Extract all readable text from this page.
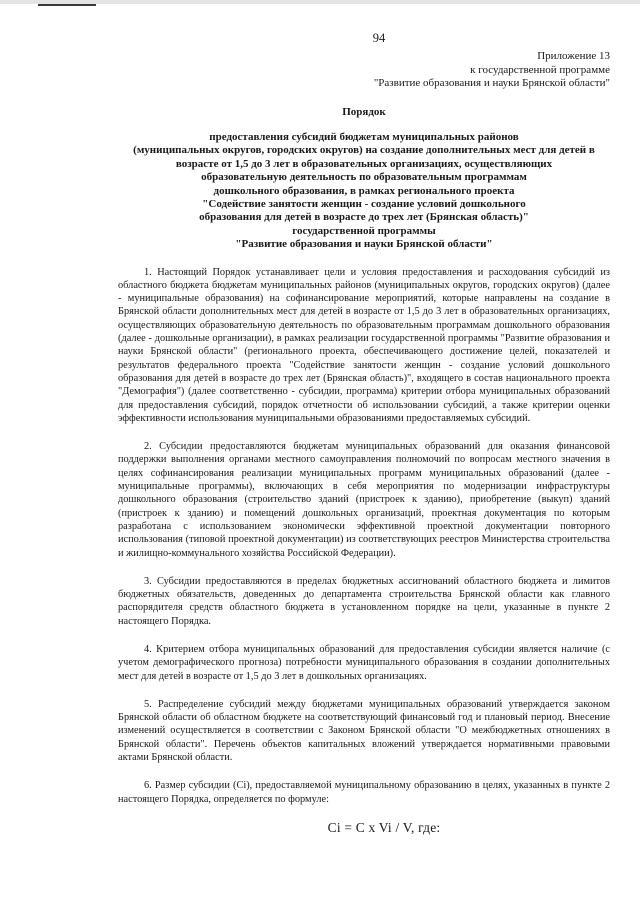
94
Приложение 13
к государственной программе
"Развитие образования и науки Брянской области"
Порядок
предоставления субсидий бюджетам муниципальных районов
(муниципальных округов, городских округов) на создание дополнительных мест для детей в
возрасте от 1,5 до 3 лет в образовательных организациях, осуществляющих
образовательную деятельность по образовательным программам
дошкольного образования, в рамках регионального проекта
"Содействие занятости женщин - создание условий дошкольного
образования для детей в возрасте до трех лет (Брянская область)"
государственной программы
"Развитие образования и науки Брянской области"

1. Настоящий Порядок устанавливает цели и условия предоставления и расходования субсидий из областного бюджета бюджетам муниципальных районов (муниципальных округов, городских округов) (далее - муниципальные образования) на софинансирование мероприятий, которые направлены на создание в Брянской области дополнительных мест для детей в возрасте от 1,5 до 3 лет в образовательных организациях, осуществляющих образовательную деятельность по образовательным программам дошкольного образования (далее - дошкольные организации), в рамках реализации государственной программы "Развитие образования и науки Брянской области" (регионального проекта, обеспечивающего достижение целей, показателей и результатов федерального проекта "Содействие занятости женщин - создание условий дошкольного образования для детей в возрасте до трех лет (Брянская область)", входящего в состав национального проекта "Демография") (далее соответственно - субсидии, программа) критерии отбора муниципальных образований для предоставления субсидий, порядок отчетности об использовании субсидий, а также критерии оценки эффективности использования муниципальными образованиями предоставляемых субсидий.

2. Субсидии предоставляются бюджетам муниципальных образований для оказания финансовой поддержки выполнения органами местного самоуправления полномочий по вопросам местного значения в целях софинансирования реализации муниципальных программ муниципальных образований (далее - муниципальные программы), включающих в себя мероприятия по модернизации инфраструктуры дошкольного образования (строительство зданий (пристроек к зданию), приобретение (выкуп) зданий (пристроек к зданию) и помещений дошкольных организаций, проектная документация по которым разработана с использованием экономически эффективной проектной документации повторного использования (типовой проектной документации) из соответствующих реестров Министерства строительства и жилищно-коммунального хозяйства Российской Федерации).

3. Субсидии предоставляются в пределах бюджетных ассигнований областного бюджета и лимитов бюджетных обязательств, доведенных до департамента строительства Брянской области как главного распорядителя средств областного бюджета в установленном порядке на цели, указанные в пункте 2 настоящего Порядка.

4. Критерием отбора муниципальных образований для предоставления субсидии является наличие (с учетом демографического прогноза) потребности муниципального образования в создании дополнительных мест для детей в возрасте от 1,5 до 3 лет в дошкольных организациях.

5. Распределение субсидий между бюджетами муниципальных образований утверждается законом Брянской области об областном бюджете на соответствующий финансовый год и плановый период. Внесение изменений осуществляется в соответствии с Законом Брянской области "О межбюджетных отношениях в Брянской области". Перечень объектов капитальных вложений утверждается нормативными правовыми актами Брянской области.

6. Размер субсидии (Ci), предоставляемой муниципальному образованию в целях, указанных в пункте 2 настоящего Порядка, определяется по формуле:

Ci = C x Vi / V, где:
